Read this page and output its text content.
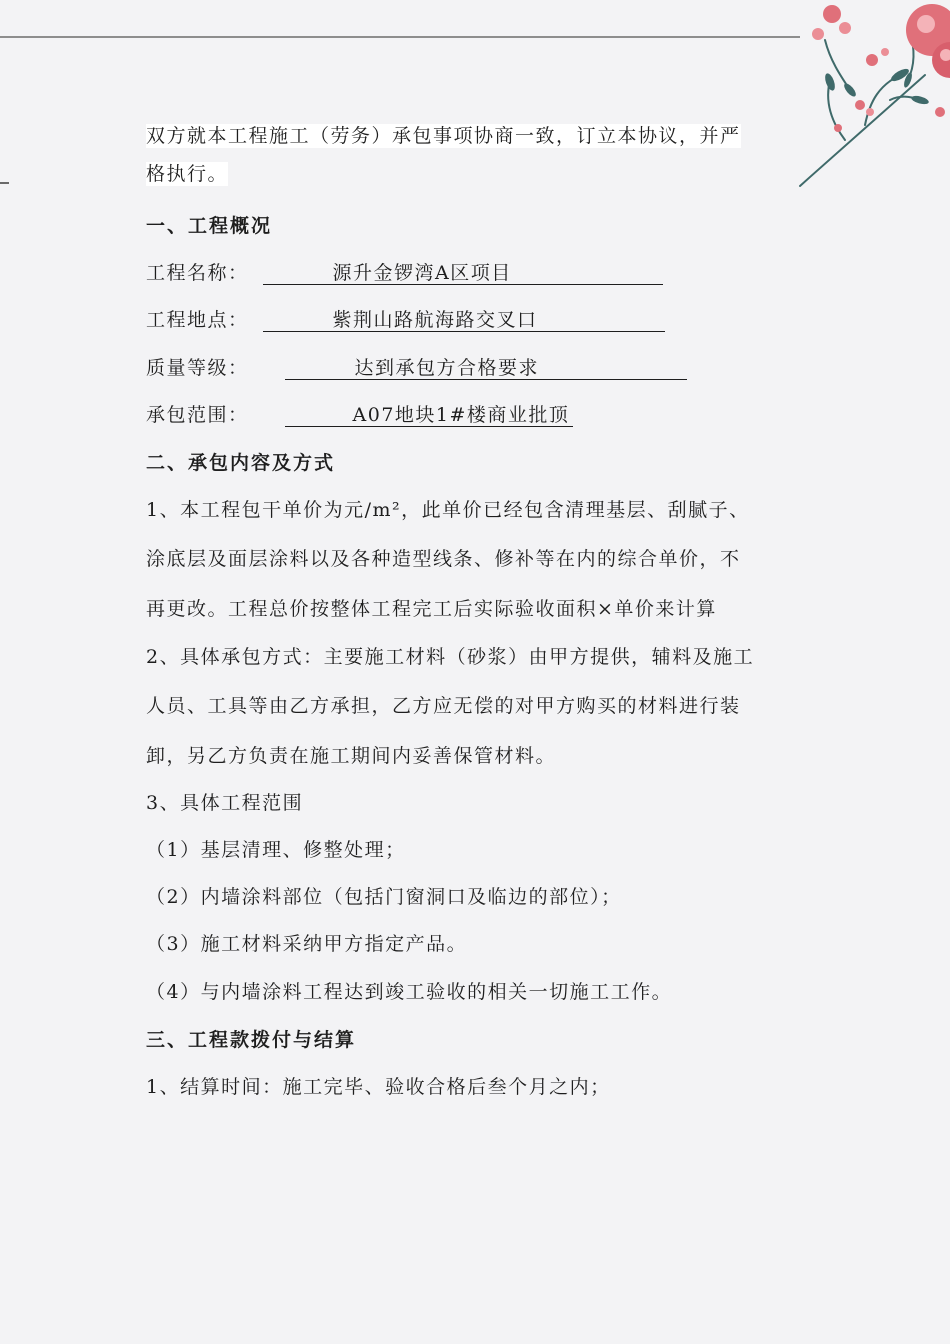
双方就本工程施工（劳务）承包事项协商一致，订立本协议，并严
格执行。
一、工程概况
工程名称：	源升金锣湾A区项目
工程地点：	紫荆山路航海路交叉口
质量等级：	达到承包方合格要求
承包范围：	A07地块1#楼商业批顶
二、承包内容及方式
1、本工程包干单价为元/m²，此单价已经包含清理基层、刮腻子、
涂底层及面层涂料以及各种造型线条、修补等在内的综合单价，不
再更改。工程总价按整体工程完工后实际验收面积×单价来计算
2、具体承包方式：主要施工材料（砂浆）由甲方提供，辅料及施工
人员、工具等由乙方承担，乙方应无偿的对甲方购买的材料进行装
卸，另乙方负责在施工期间内妥善保管材料。
3、具体工程范围
（1）基层清理、修整处理；
（2）内墙涂料部位（包括门窗洞口及临边的部位）；
（3）施工材料采纳甲方指定产品。
（4）与内墙涂料工程达到竣工验收的相关一切施工工作。
三、工程款拨付与结算
1、结算时间：施工完毕、验收合格后叁个月之内；
